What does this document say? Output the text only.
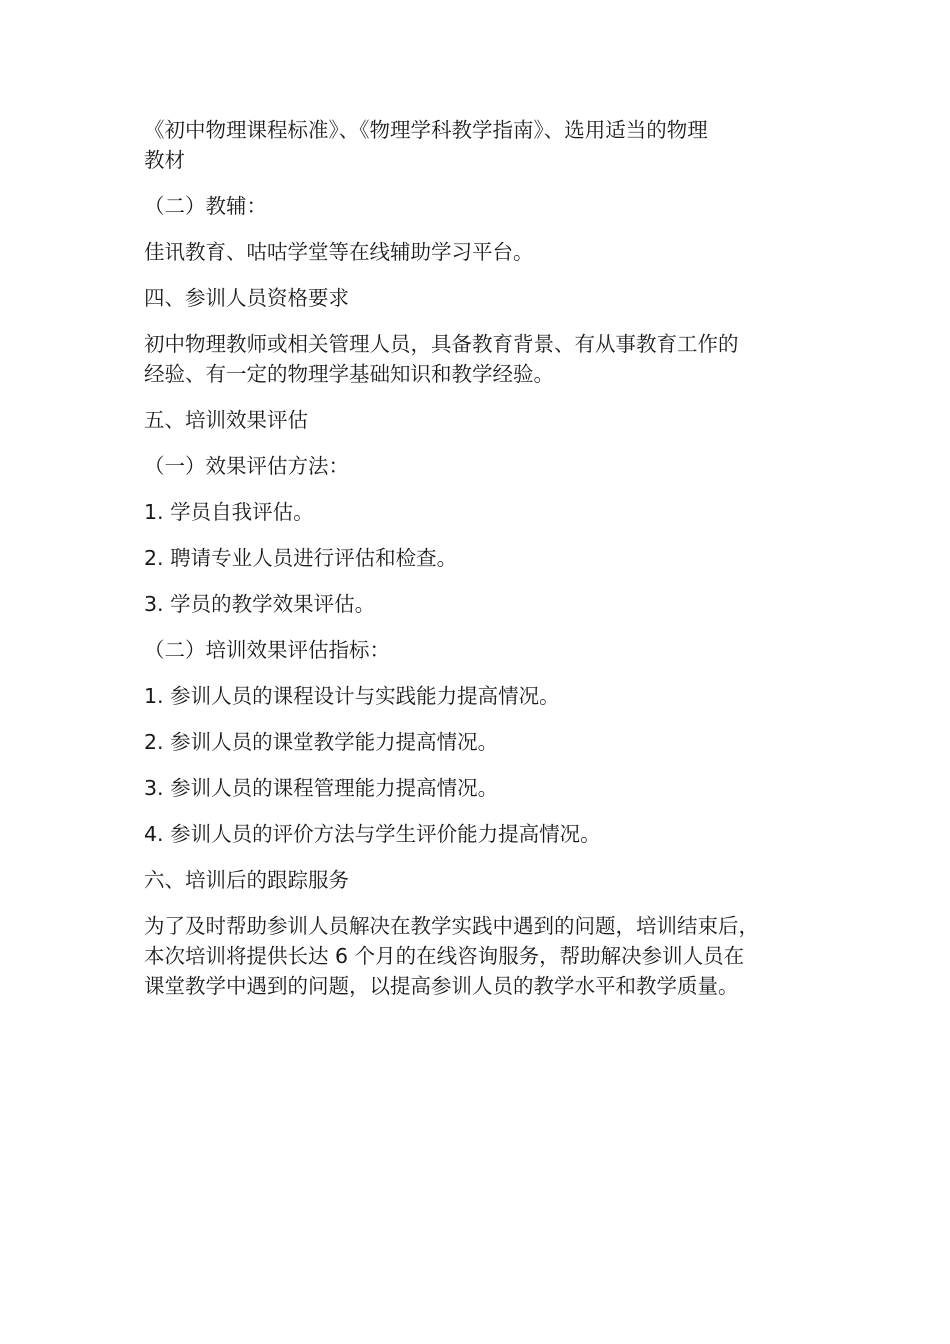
《初中物理课程标准》、《物理学科教学指南》、选用适当的物理
教材

（二）教辅：

佳讯教育、咕咕学堂等在线辅助学习平台。

四、参训人员资格要求

初中物理教师或相关管理人员，具备教育背景、有从事教育工作的
经验、有一定的物理学基础知识和教学经验。

五、培训效果评估

（一）效果评估方法：

1. 学员自我评估。

2. 聘请专业人员进行评估和检查。

3. 学员的教学效果评估。

（二）培训效果评估指标：

1. 参训人员的课程设计与实践能力提高情况。

2. 参训人员的课堂教学能力提高情况。

3. 参训人员的课程管理能力提高情况。

4. 参训人员的评价方法与学生评价能力提高情况。

六、培训后的跟踪服务

为了及时帮助参训人员解决在教学实践中遇到的问题，培训结束后，
本次培训将提供长达 6 个月的在线咨询服务，帮助解决参训人员在
课堂教学中遇到的问题，以提高参训人员的教学水平和教学质量。
